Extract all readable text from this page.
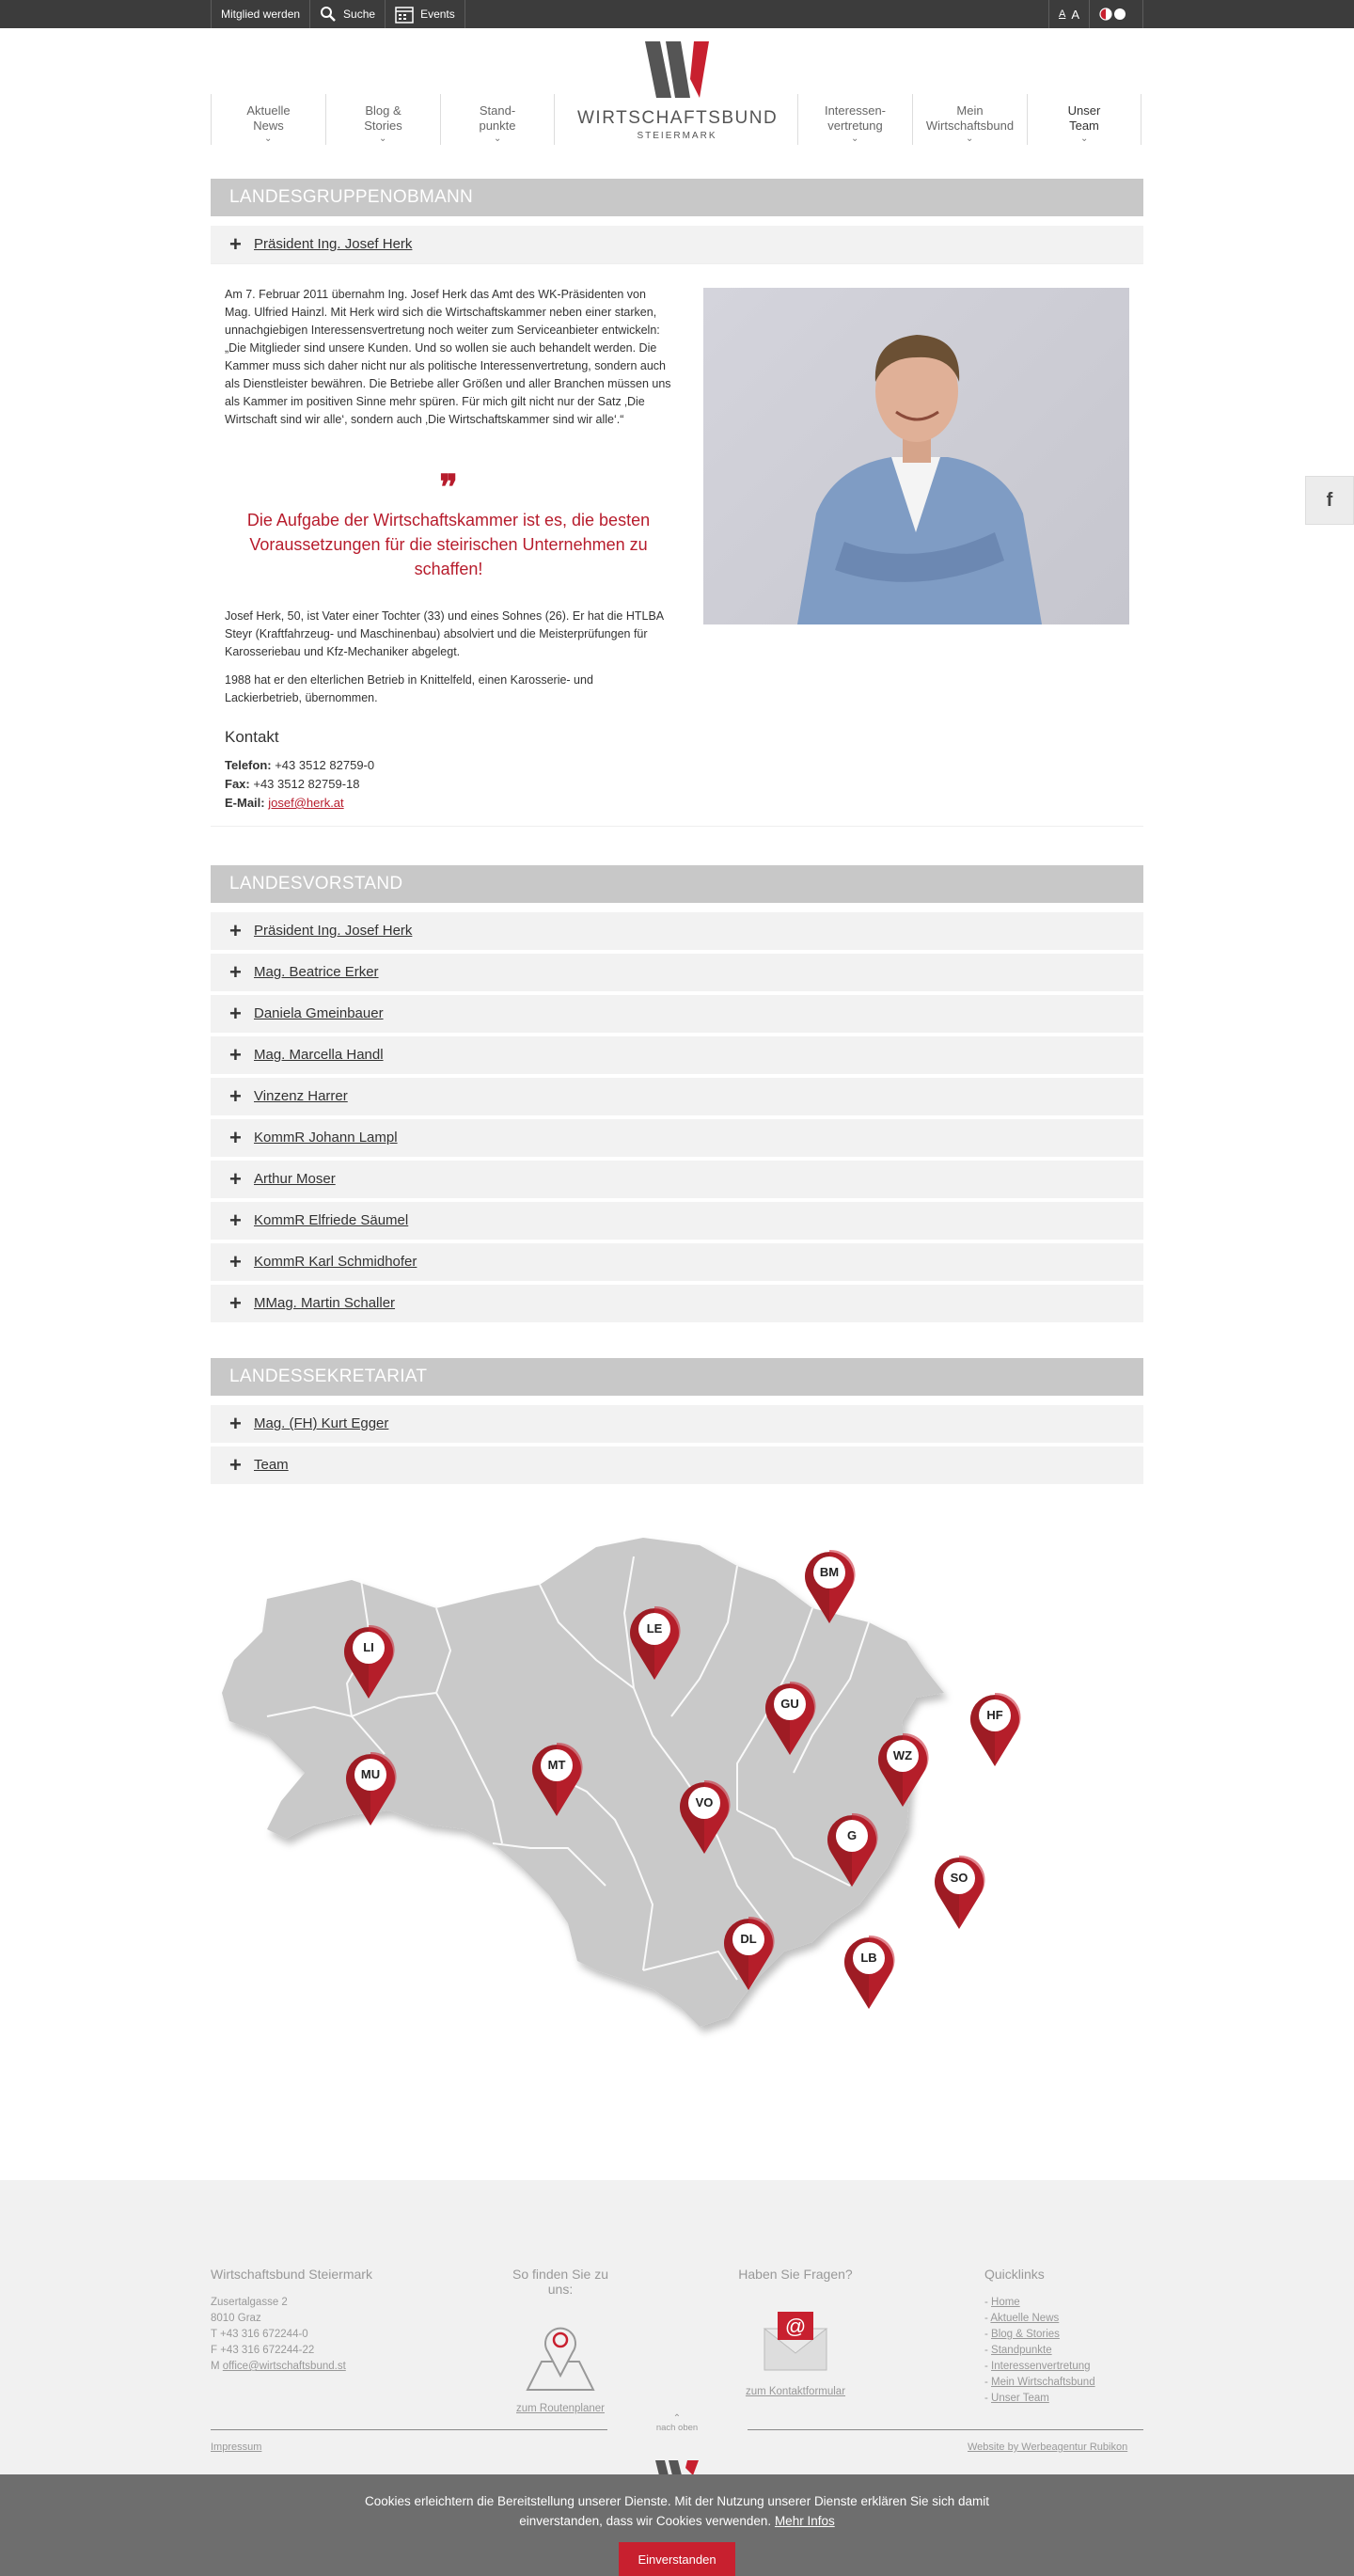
Mitglied werden	Suche	Events	A A
Aktuelle
News
⌄
Blog &
Stories
⌄
Stand-
punkte
⌄
WIRTSCHAFTSBUND
STEIERMARK
Interessen-
vertretung
⌄
Mein
Wirtschaftsbund
⌄
Unser
Team
⌄
LANDESGRUPPENOBMANN
+ Präsident Ing. Josef Herk
Am 7. Februar 2011 übernahm Ing. Josef Herk das Amt des WK-Präsidenten von Mag. Ulfried Hainzl. Mit Herk wird sich die Wirtschaftskammer neben einer starken, unnachgiebigen Interessensvertretung noch weiter zum Serviceanbieter entwickeln: „Die Mitglieder sind unsere Kunden. Und so wollen sie auch behandelt werden. Die Kammer muss sich daher nicht nur als politische Interessenvertretung, sondern auch als Dienstleister bewähren. Die Betriebe aller Größen und aller Branchen müssen uns als Kammer im positiven Sinne mehr spüren. Für mich gilt nicht nur der Satz ‚Die Wirtschaft sind wir alle‘, sondern auch ‚Die Wirtschaftskammer sind wir alle‘.“
❞
Die Aufgabe der Wirtschaftskammer ist es, die besten Voraussetzungen für die steirischen Unternehmen zu schaffen!
Josef Herk, 50, ist Vater einer Tochter (33) und eines Sohnes (26). Er hat die HTLBA Steyr (Kraftfahrzeug- und Maschinenbau) absolviert und die Meisterprüfungen für Karosseriebau und Kfz-Mechaniker abgelegt.
1988 hat er den elterlichen Betrieb in Knittelfeld, einen Karosserie- und Lackierbetrieb, übernommen.
Kontakt
Telefon: +43 3512 82759-0
Fax: +43 3512 82759-18
E-Mail: josef@herk.at
LANDESVORSTAND
+ Präsident Ing. Josef Herk
+ Mag. Beatrice Erker
+ Daniela Gmeinbauer
+ Mag. Marcella Handl
+ Vinzenz Harrer
+ KommR Johann Lampl
+ Arthur Moser
+ KommR Elfriede Säumel
+ KommR Karl Schmidhofer
+ MMag. Martin Schaller
LANDESSEKRETARIAT
+ Mag. (FH) Kurt Egger
+ Team
BM
LE
LI
GU
HF
MU
MT
WZ
VO
G
SO
DL
LB
Wirtschaftsbund Steiermark
Zusertalgasse 2
8010 Graz
T +43 316 672244-0
F +43 316 672244-22
M office@wirtschaftsbund.st
So finden Sie zu uns:
zum Routenplaner
Haben Sie Fragen?
@
zum Kontaktformular
Quicklinks
- Home
- Aktuelle News
- Blog & Stories
- Standpunkte
- Interessenvertretung
- Mein Wirtschaftsbund
- Unser Team
⌃
nach oben
Impressum	Website by Werbeagentur Rubikon
Cookies erleichtern die Bereitstellung unserer Dienste. Mit der Nutzung unserer Dienste erklären Sie sich damit
einverstanden, dass wir Cookies verwenden. Mehr Infos
Einverstanden
f
